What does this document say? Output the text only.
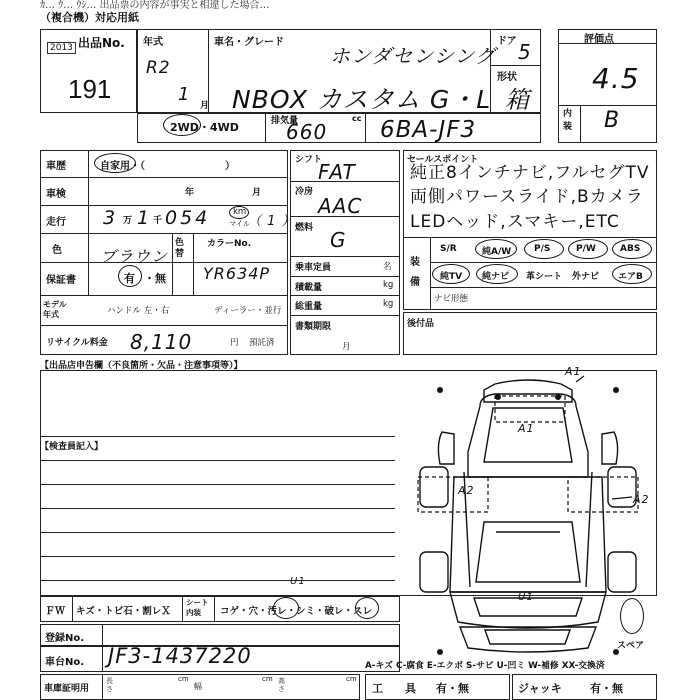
ｶ… ｳ… ｳｼ… 出品票の内容が事実と相違した場合…
（複合機）対応用紙
出品No.
2013
191
年式
R2
1
月
車名・グレード
ホンダセンシング
NBOX カスタム G・L
ドア 5
形状
箱
評価点
4.5
内装 B
2WD・4WD	排気量	cc
660 6BA-JF3
車歴	自家用・（　　　　　　　　）
車検	年	月
走行 3 万 1 千 054	km
マイル
（ 1 ）
色 ブラウン
色替
カラーNo.
YR634P
保証書	有 ・無
モデル年式	ハンドル 左・右	ディーラー・並行
リサイクル料金 8,110	円 預託済
シフト
FAT
冷房
AAC
燃料 G
乗車定員	名
積載量	kg
総重量	kg
書類期限
月
セールスポイント
純正8インチナビ,フルセグTV
両側パワースライド,Bカメラ
LEDヘッド,スマキー,ETC
装備
S/R	純A/W	P/S	P/W	ABS
純TV 純ナビ 革シート 外ナビ エアB
ナビ形態
後付品
【出品店申告欄（不良箇所・欠品・注意事項等）】
【検査員記入】
A1
A1
A2
A2
U1
スペア
ＦＷ キズ・トビ石・割レＸ
シート内装	コゲ・穴・汚レ・シミ・破レ・スレ
U1
登録No.
車台No. JF3-1437220
車庫証明用
長さ
cm
幅
cm 高さ
cm
A-キズ C-腐食 E-エクボ S-サビ U-凹ミ W-補修 XX-交換済
工　　具 有・無	ジャッキ	有・無
